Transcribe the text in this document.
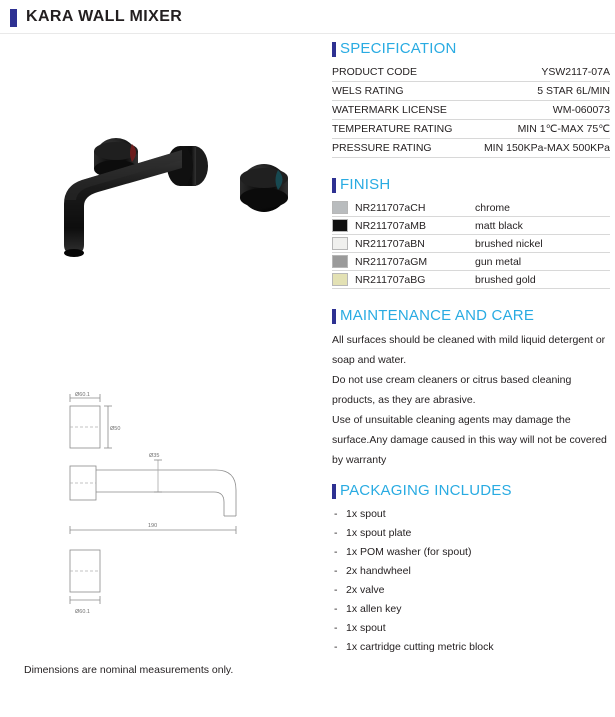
KARA WALL MIXER
Ø60.1
Ø50
Ø35
190
Ø60.1
Dimensions are nominal measurements only.
SPECIFICATION
PRODUCT CODE	YSW2117-07A
WELS RATING	5 STAR 6L/MIN
WATERMARK LICENSE	WM-060073
TEMPERATURE RATING	MIN 1℃-MAX 75℃
PRESSURE RATING	MIN 150KPa-MAX 500KPa
FINISH
NR211707aCH	chrome
NR211707aMB	matt black
NR211707aBN	brushed nickel
NR211707aGM	gun metal
NR211707aBG	brushed gold
MAINTENANCE AND CARE

All surfaces should be cleaned with mild liquid detergent or soap and water.

Do not use cream cleaners or citrus based cleaning products, as they are abrasive.

Use of unsuitable cleaning agents may damage the surface.Any damage caused in this way will not be covered by warranty

PACKAGING INCLUDES
- 1x spout
- 1x spout plate
- 1x POM washer (for spout)
- 2x handwheel
- 2x valve
- 1x allen key
- 1x spout
- 1x cartridge cutting metric block
